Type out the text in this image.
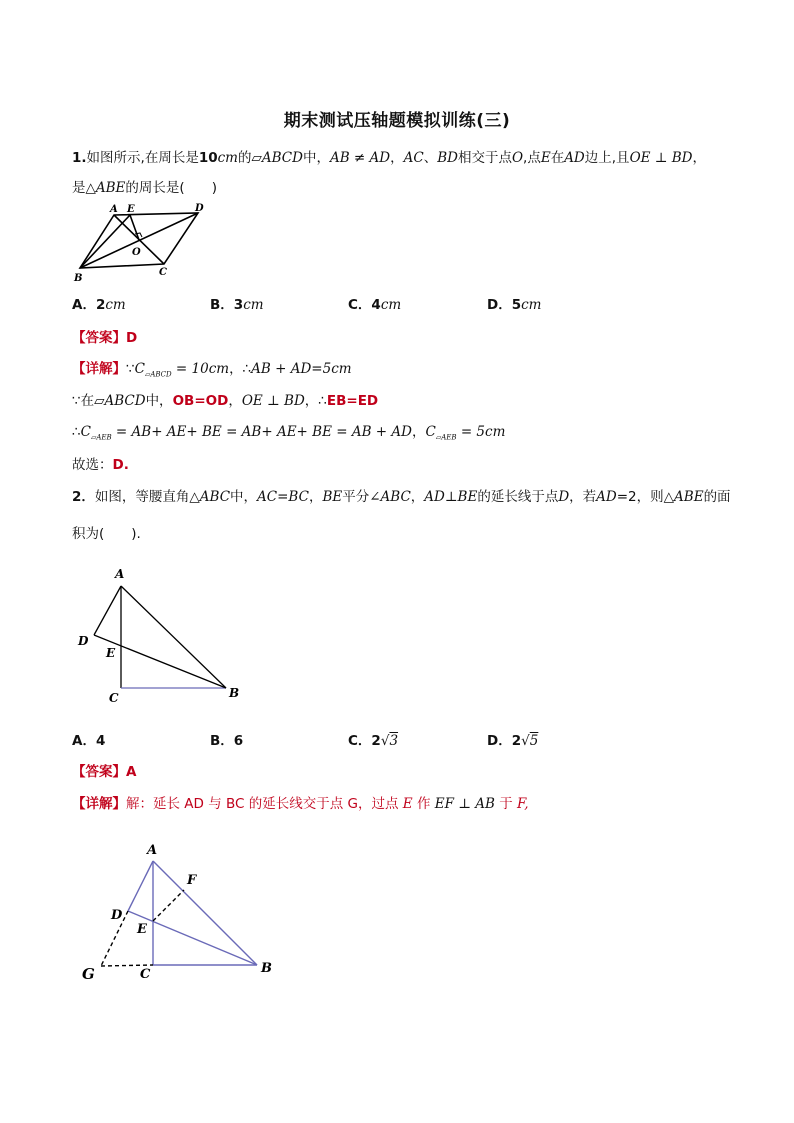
期末测试压轴题模拟训练(三)
1.如图所示,在周长是10cm的▱ABCD中，AB ≠ AD，AC、BD相交于点O,点E在AD边上,且OE ⊥ BD，
是△ABE的周长是(　　)
A E	D
O
B
C
A．2cm	B．3cm	C．4cm	D．5cm
【答案】D
【详解】$\because C_{▱ABCD} = 10cm$，∴AB + AD=5cm
∵在▱ABCD中，OB=OD，OE ⊥ BD，∴EB=ED
$\therefore C_{▱AEB} = AB+ AE+$ BE = AB+ AE+ BE = AB + AD，$C_{▱AEB} = 5cm$
故选：D.
2．如图，等腰直角△ABC中，AC=BC，BE平分∠ABC，AD⊥BE的延长线于点D，若AD=2，则△ABE的面
积为(　　).
A
D
E
C	B
A．4	B．6	C．2√3	D．2√5
【答案】A
【详解】解：延长 AD 与 BC 的延长线交于点 G，过点 E 作 EF ⊥ AB 于 F,
A
F
D
E
G	C	B
